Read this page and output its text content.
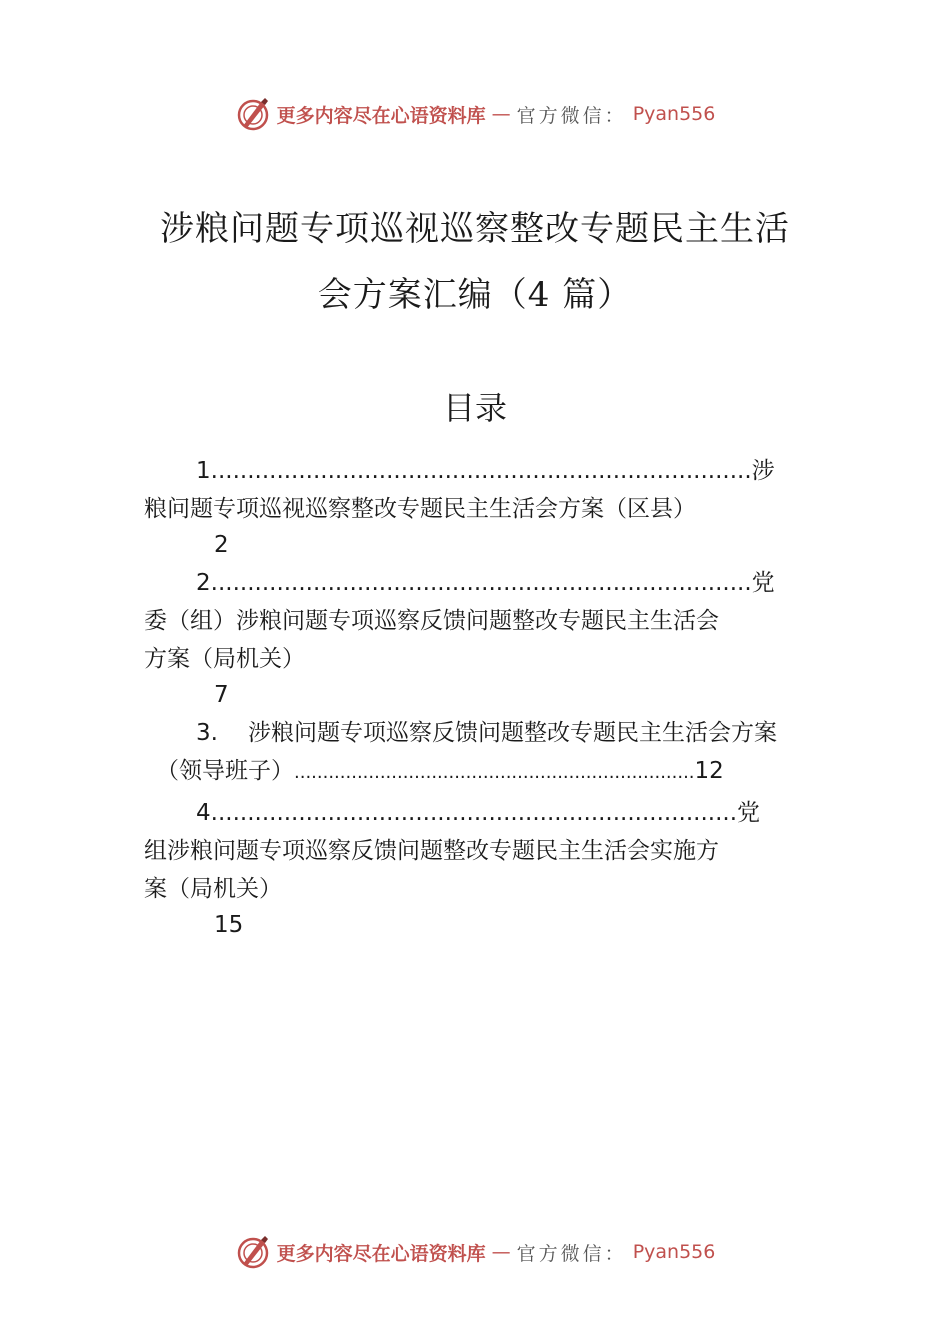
更多内容尽在心语资料库 — 官方微信： Pyan556
涉粮问题专项巡视巡察整改专题民主生活
会方案汇编（4 篇）
目录
1..........................................................................涉
粮问题专项巡视巡察整改专题民主生活会方案（区县）
2
2..........................................................................党
委（组）涉粮问题专项巡察反馈问题整改专题民主生活会
方案（局机关）
7
3. 涉粮问题专项巡察反馈问题整改专题民主生活会方案
（领导班子）......................................................................12
4........................................................................党
组涉粮问题专项巡察反馈问题整改专题民主生活会实施方
案（局机关）
15
更多内容尽在心语资料库 — 官方微信： Pyan556
